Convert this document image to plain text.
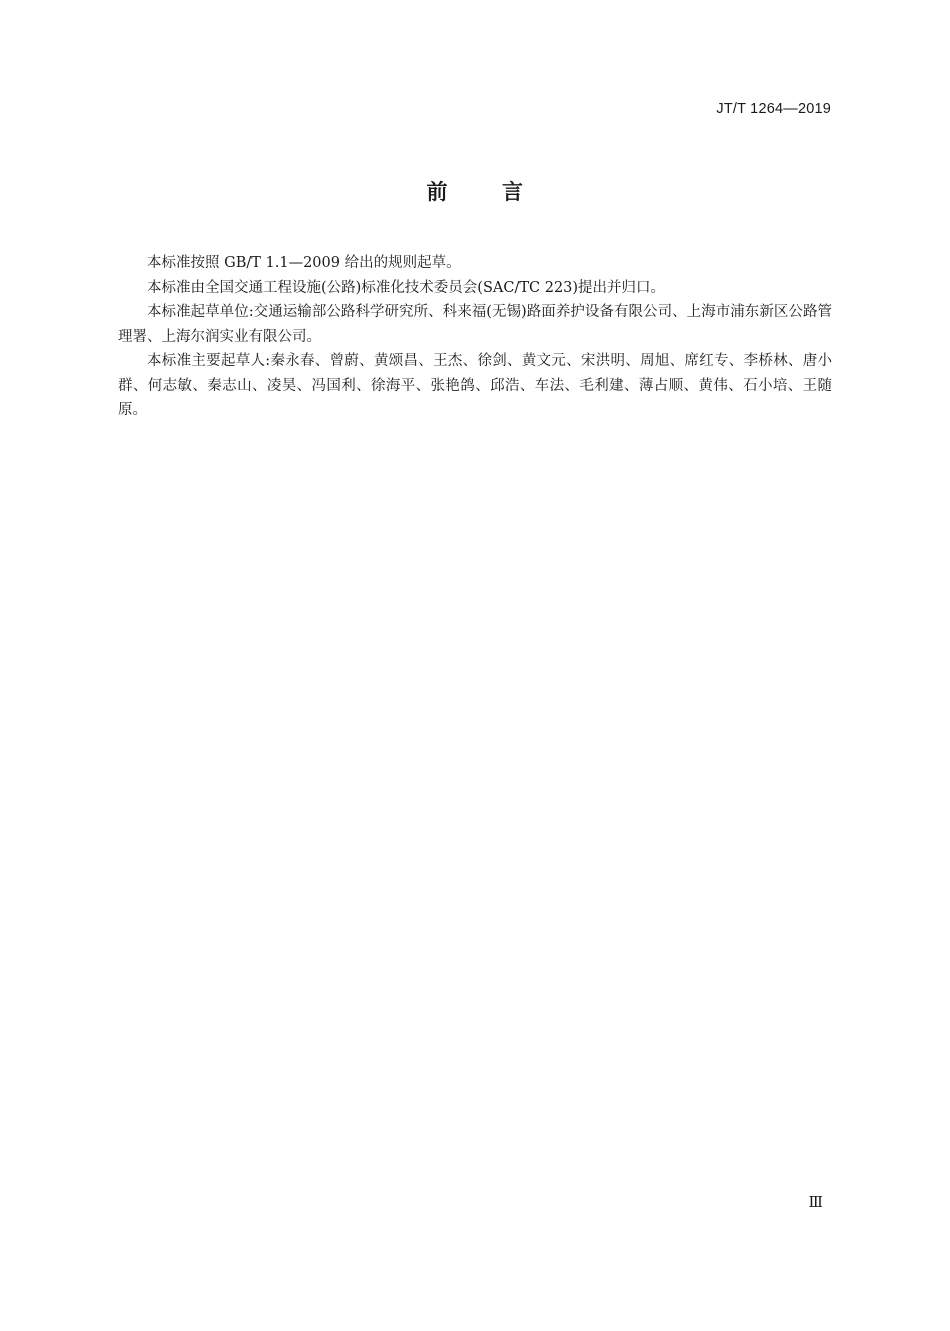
JT/T 1264—2019
前	言

本标准按照 GB/T 1.1—2009 给出的规则起草。

本标准由全国交通工程设施(公路)标准化技术委员会(SAC/TC 223)提出并归口。

本标准起草单位:交通运输部公路科学研究所、科来福(无锡)路面养护设备有限公司、上海市浦东新区公路管理署、上海尔润实业有限公司。

本标准主要起草人:秦永春、曾蔚、黄颂昌、王杰、徐剑、黄文元、宋洪明、周旭、席红专、李桥林、唐小群、何志敏、秦志山、凌昊、冯国利、徐海平、张艳鸽、邱浩、车法、毛利建、薄占顺、黄伟、石小培、王随原。

Ⅲ
